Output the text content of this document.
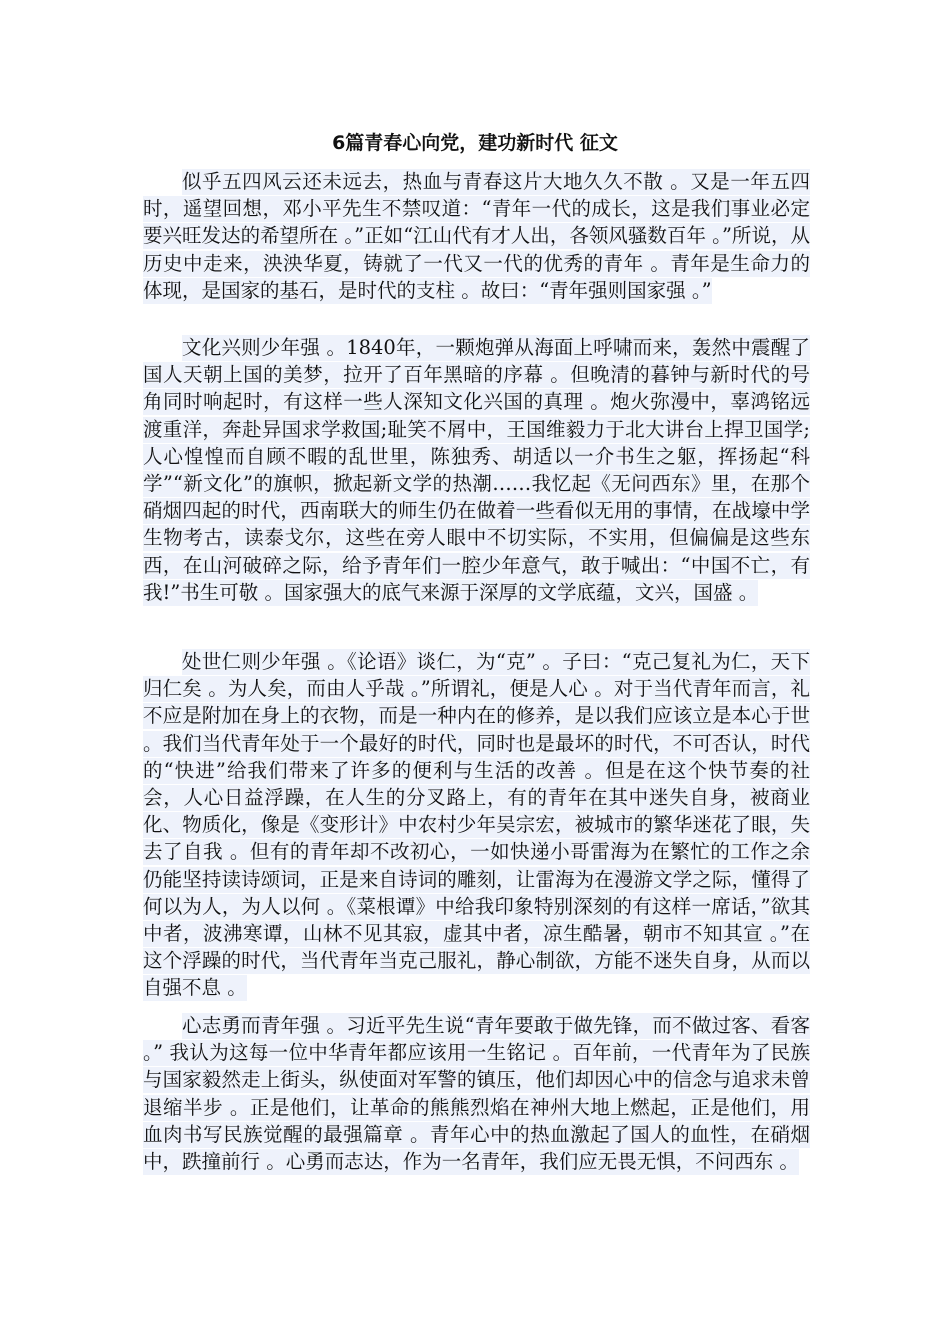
6篇青春心向党，建功新时代 征文

似乎五四风云还未远去，热血与青春这片大地久久不散 。又是一年五四时，遥望回想，邓小平先生不禁叹道：“青年一代的成长，这是我们事业必定要兴旺发达的希望所在 。”正如“江山代有才人出，各领风骚数百年 。”所说，从历史中走来，泱泱华夏，铸就了一代又一代的优秀的青年 。青年是生命力的体现，是国家的基石，是时代的支柱 。故曰：“青年强则国家强 。”

文化兴则少年强 。1840年，一颗炮弹从海面上呼啸而来，轰然中震醒了国人天朝上国的美梦，拉开了百年黑暗的序幕 。但晚清的暮钟与新时代的号角同时响起时，有这样一些人深知文化兴国的真理 。炮火弥漫中，辜鸿铭远渡重洋，奔赴异国求学救国;耻笑不屑中，王国维毅力于北大讲台上捍卫国学;人心惶惶而自顾不暇的乱世里，陈独秀、胡适以一介书生之躯，挥扬起“科学”“新文化”的旗帜，掀起新文学的热潮……我忆起《无问西东》里，在那个硝烟四起的时代，西南联大的师生仍在做着一些看似无用的事情，在战壕中学生物考古，读泰戈尔，这些在旁人眼中不切实际，不实用，但偏偏是这些东西，在山河破碎之际，给予青年们一腔少年意气，敢于喊出：“中国不亡，有我!”书生可敬 。国家强大的底气来源于深厚的文学底蕴，文兴，国盛 。

处世仁则少年强 。《论语》谈仁，为“克” 。子曰：“克己复礼为仁，天下归仁矣 。为人矣，而由人乎哉 。”所谓礼，便是人心 。对于当代青年而言，礼不应是附加在身上的衣物，而是一种内在的修养，是以我们应该立是本心于世 。我们当代青年处于一个最好的时代，同时也是最坏的时代，不可否认，时代的“快进”给我们带来了许多的便利与生活的改善 。但是在这个快节奏的社会，人心日益浮躁，在人生的分叉路上，有的青年在其中迷失自身，被商业化、物质化，像是《变形计》中农村少年吴宗宏，被城市的繁华迷花了眼，失去了自我 。但有的青年却不改初心，一如快递小哥雷海为在繁忙的工作之余仍能坚持读诗颂词，正是来自诗词的雕刻，让雷海为在漫游文学之际，懂得了何以为人，为人以何 。《菜根谭》中给我印象特别深刻的有这样一席话，”欲其中者，波沸寒谭，山林不见其寂，虚其中者，凉生酷暑，朝市不知其宣 。”在这个浮躁的时代，当代青年当克己服礼，静心制欲，方能不迷失自身，从而以自强不息 。

心志勇而青年强 。习近平先生说“青年要敢于做先锋，而不做过客、看客 。” 我认为这每一位中华青年都应该用一生铭记 。百年前，一代青年为了民族与国家毅然走上街头，纵使面对军警的镇压，他们却因心中的信念与追求未曾退缩半步 。正是他们，让革命的熊熊烈焰在神州大地上燃起，正是他们，用血肉书写民族觉醒的最强篇章 。青年心中的热血激起了国人的血性，在硝烟中，跌撞前行 。心勇而志达，作为一名青年，我们应无畏无惧，不问西东 。
